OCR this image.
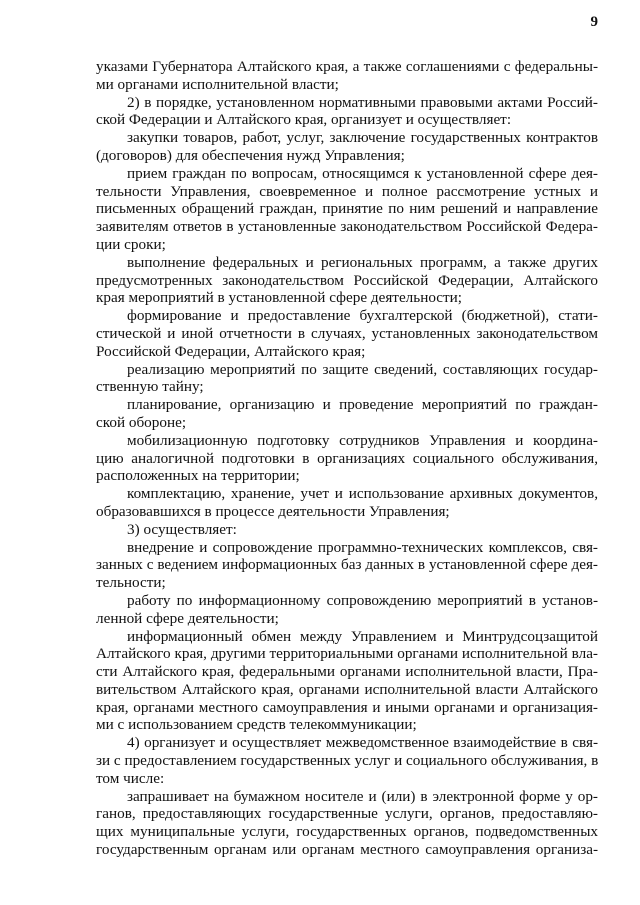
9
указами Губернатора Алтайского края, а также соглашениями с федеральны-
ми органами исполнительной власти;
2) в порядке, установленном нормативными правовыми актами Россий-
ской Федерации и Алтайского края, организует и осуществляет:
закупки товаров, работ, услуг, заключение государственных контрактов
(договоров) для обеспечения нужд Управления;
прием граждан по вопросам, относящимся к установленной сфере дея-
тельности Управления, своевременное и полное рассмотрение устных и
письменных обращений граждан, принятие по ним решений и направление
заявителям ответов в установленные законодательством Российской Федера-
ции сроки;
выполнение федеральных и региональных программ, а также других
предусмотренных законодательством Российской Федерации, Алтайского
края мероприятий в установленной сфере деятельности;
формирование и предоставление бухгалтерской (бюджетной), стати-
стической и иной отчетности в случаях, установленных законодательством
Российской Федерации, Алтайского края;
реализацию мероприятий по защите сведений, составляющих государ-
ственную тайну;
планирование, организацию и проведение мероприятий по граждан-
ской обороне;
мобилизационную подготовку сотрудников Управления и координа-
цию аналогичной подготовки в организациях социального обслуживания,
расположенных на территории;
комплектацию, хранение, учет и использование архивных документов,
образовавшихся в процессе деятельности Управления;
3) осуществляет:
внедрение и сопровождение программно-технических комплексов, свя-
занных с ведением информационных баз данных в установленной сфере дея-
тельности;
работу по информационному сопровождению мероприятий в установ-
ленной сфере деятельности;
информационный обмен между Управлением и Минтрудсоцзащитой
Алтайского края, другими территориальными органами исполнительной вла-
сти Алтайского края, федеральными органами исполнительной власти, Пра-
вительством Алтайского края, органами исполнительной власти Алтайского
края, органами местного самоуправления и иными органами и организация-
ми с использованием средств телекоммуникации;
4) организует и осуществляет межведомственное взаимодействие в свя-
зи с предоставлением государственных услуг и социального обслуживания, в
том числе:
запрашивает на бумажном носителе и (или) в электронной форме у ор-
ганов, предоставляющих государственные услуги, органов, предоставляю-
щих муниципальные услуги, государственных органов, подведомственных
государственным органам или органам местного самоуправления организа-
